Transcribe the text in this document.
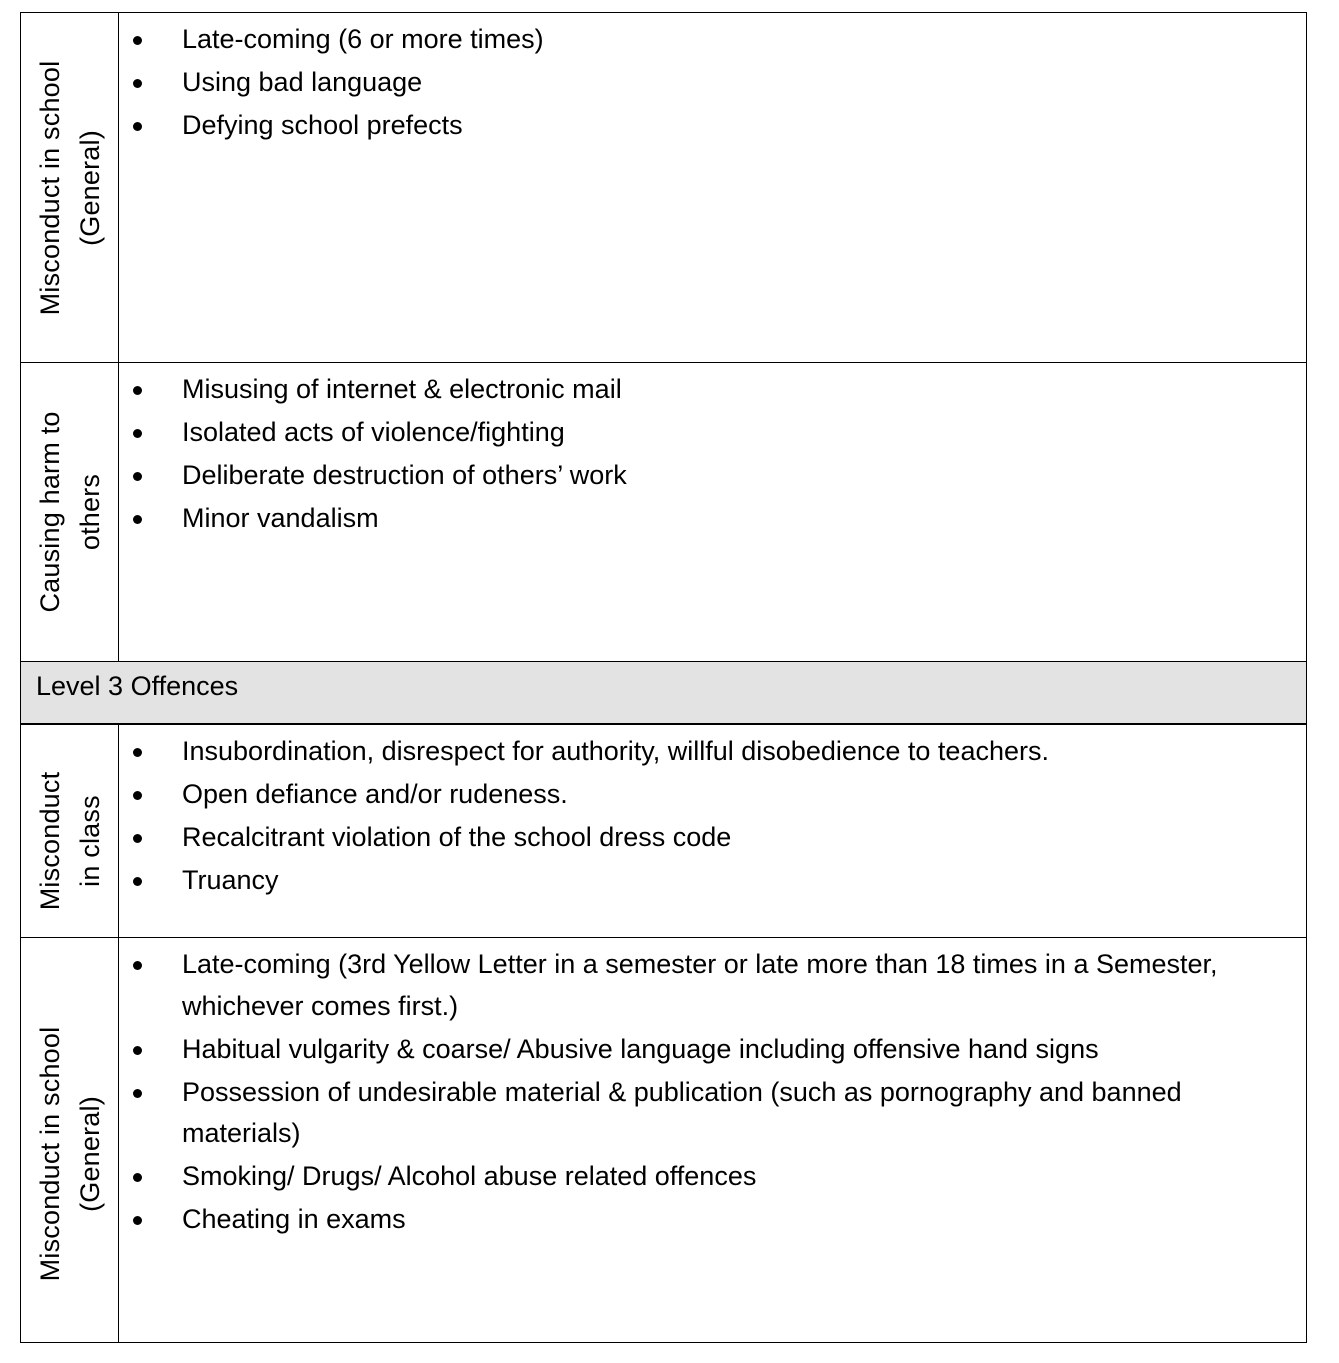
Misconduct in school (General)
Late-coming (6 or more times)
Using bad language
Defying school prefects
Causing harm to others
Misusing of internet & electronic mail
Isolated acts of violence/fighting
Deliberate destruction of others’ work
Minor vandalism
Level 3 Offences
Misconduct in class
Insubordination, disrespect for authority, willful disobedience to teachers.
Open defiance and/or rudeness.
Recalcitrant violation of the school dress code
Truancy
Misconduct in school (General)
Late-coming (3rd Yellow Letter in a semester or late more than 18 times in a Semester, whichever comes first.)
Habitual vulgarity & coarse/ Abusive language including offensive hand signs
Possession of undesirable material & publication (such as pornography and banned materials)
Smoking/ Drugs/ Alcohol abuse related offences
Cheating in exams
